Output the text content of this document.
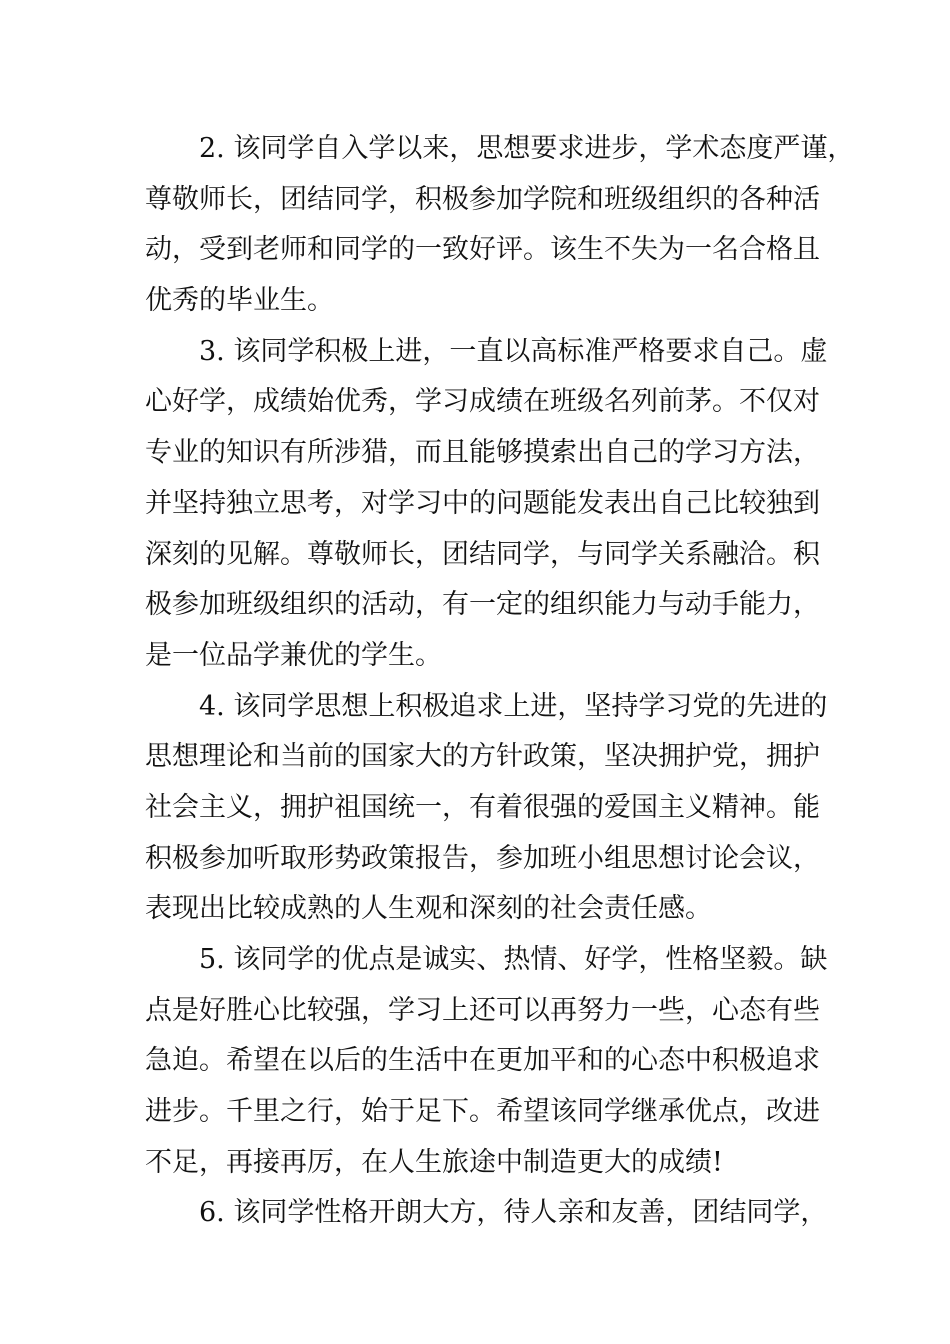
2. 该同学自入学以来，思想要求进步，学术态度严谨，
尊敬师长，团结同学，积极参加学院和班级组织的各种活
动，受到老师和同学的一致好评。该生不失为一名合格且
优秀的毕业生。
3. 该同学积极上进，一直以高标准严格要求自己。虚
心好学，成绩始优秀，学习成绩在班级名列前茅。不仅对
专业的知识有所涉猎，而且能够摸索出自己的学习方法，
并坚持独立思考，对学习中的问题能发表出自己比较独到
深刻的见解。尊敬师长，团结同学，与同学关系融洽。积
极参加班级组织的活动，有一定的组织能力与动手能力，
是一位品学兼优的学生。
4. 该同学思想上积极追求上进，坚持学习党的先进的
思想理论和当前的国家大的方针政策，坚决拥护党，拥护
社会主义，拥护祖国统一，有着很强的爱国主义精神。能
积极参加听取形势政策报告，参加班小组思想讨论会议，
表现出比较成熟的人生观和深刻的社会责任感。
5. 该同学的优点是诚实、热情、好学，性格坚毅。缺
点是好胜心比较强，学习上还可以再努力一些，心态有些
急迫。希望在以后的生活中在更加平和的心态中积极追求
进步。千里之行，始于足下。希望该同学继承优点，改进
不足，再接再厉，在人生旅途中制造更大的成绩!
6. 该同学性格开朗大方，待人亲和友善，团结同学，
